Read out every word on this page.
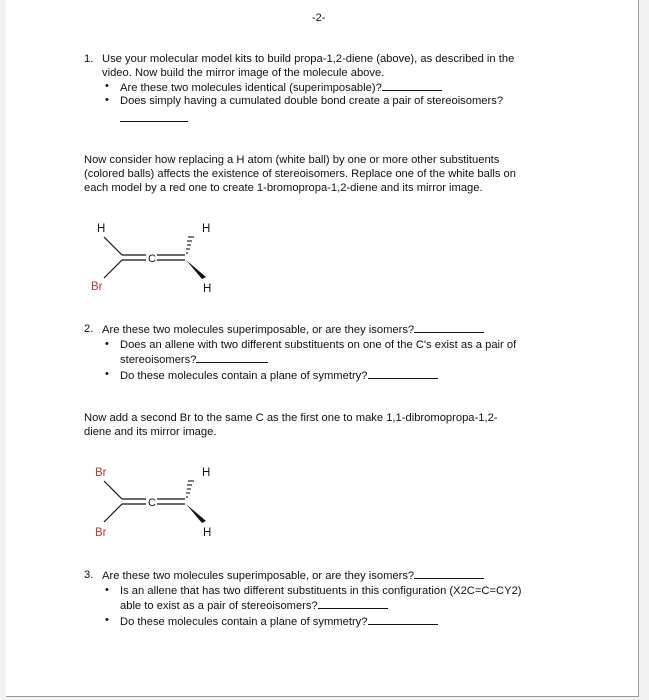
-2-
1. Use your molecular model kits to build propa-1,2-diene (above), as described in the
video. Now build the mirror image of the molecule above.
• Are these two molecules identical (superimposable)?
• Does simply having a cumulated double bond create a pair of stereoisomers?
Now consider how replacing a H atom (white ball) by one or more other substituents
(colored balls) affects the existence of stereoisomers. Replace one of the white balls on
each model by a red one to create 1-bromopropa-1,2-diene and its mirror image.
H
Br
C
H
H
2. Are these two molecules superimposable, or are they isomers?
• Does an allene with two different substituents on one of the C's exist as a pair of
stereoisomers?
• Do these molecules contain a plane of symmetry?
Now add a second Br to the same C as the first one to make 1,1-dibromopropa-1,2-
diene and its mirror image.
Br
Br
C
H
H
3. Are these two molecules superimposable, or are they isomers?
• Is an allene that has two different substituents in this configuration (X2C=C=CY2)
able to exist as a pair of stereoisomers?
• Do these molecules contain a plane of symmetry?
